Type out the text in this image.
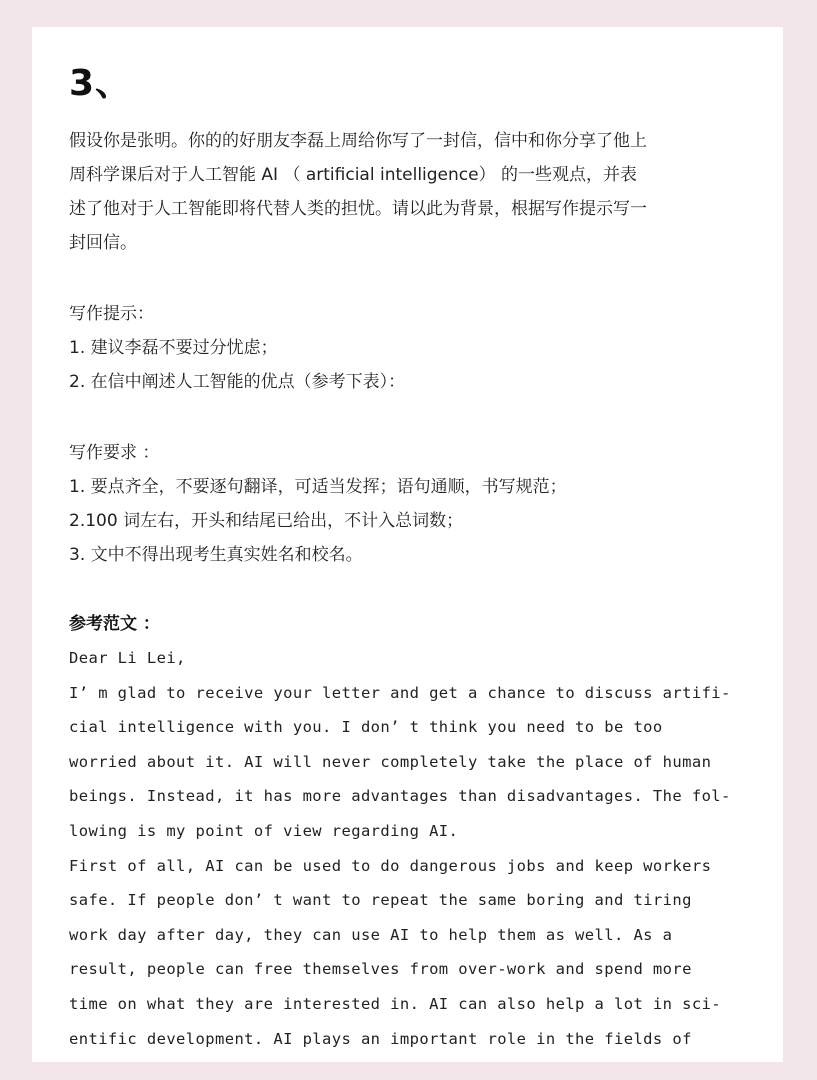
3、

假设你是张明。你的的好朋友李磊上周给你写了一封信，信中和你分享了他上

周科学课后对于人工智能 AI （ artificial intelligence） 的一些观点，并表

述了他对于人工智能即将代替人类的担忧。请以此为背景，根据写作提示写一

封回信。

写作提示：

1. 建议李磊不要过分忧虑；

2. 在信中阐述人工智能的优点（参考下表）：

写作要求 ：

1. 要点齐全，不要逐句翻译，可适当发挥；语句通顺，书写规范；

2.100 词左右，开头和结尾已给出，不计入总词数；

3. 文中不得出现考生真实姓名和校名。

参考范文 ：

Dear Li Lei,

I’ m glad to receive your letter and get a chance to discuss artifi-

cial intelligence with you. I don’ t think you need to be too

worried about it. AI will never completely take the place of human

beings. Instead, it has more advantages than disadvantages. The fol-

lowing is my point of view regarding AI.

First of all, AI can be used to do dangerous jobs and keep workers

safe. If people don’ t want to repeat the same boring and tiring

work day after day, they can use AI to help them as well. As a

result, people can free themselves from over-work and spend more

time on what they are interested in. AI can also help a lot in sci-

entific development. AI plays an important role in the fields of
